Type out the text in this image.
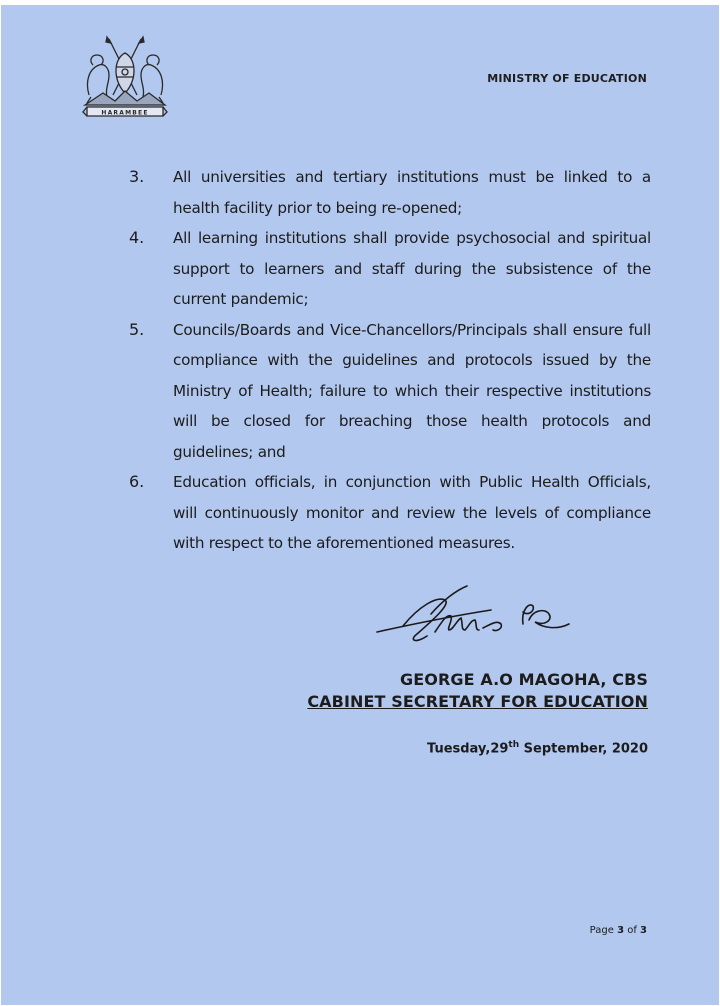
HARAMBEE
MINISTRY OF EDUCATION
3. All universities and tertiary institutions must be linked to a health facility prior to being re-opened;
4. All learning institutions shall provide psychosocial and spiritual support to learners and staff during the subsistence of the current pandemic;
5. Councils/Boards and Vice-Chancellors/Principals shall ensure full compliance with the guidelines and protocols issued by the Ministry of Health; failure to which their respective institutions will be closed for breaching those health protocols and guidelines; and
6. Education officials, in conjunction with Public Health Officials, will continuously monitor and review the levels of compliance with respect to the aforementioned measures.
GEORGE A.O MAGOHA, CBS
CABINET SECRETARY FOR EDUCATION
Tuesday,29th September, 2020
Page 3 of 3
